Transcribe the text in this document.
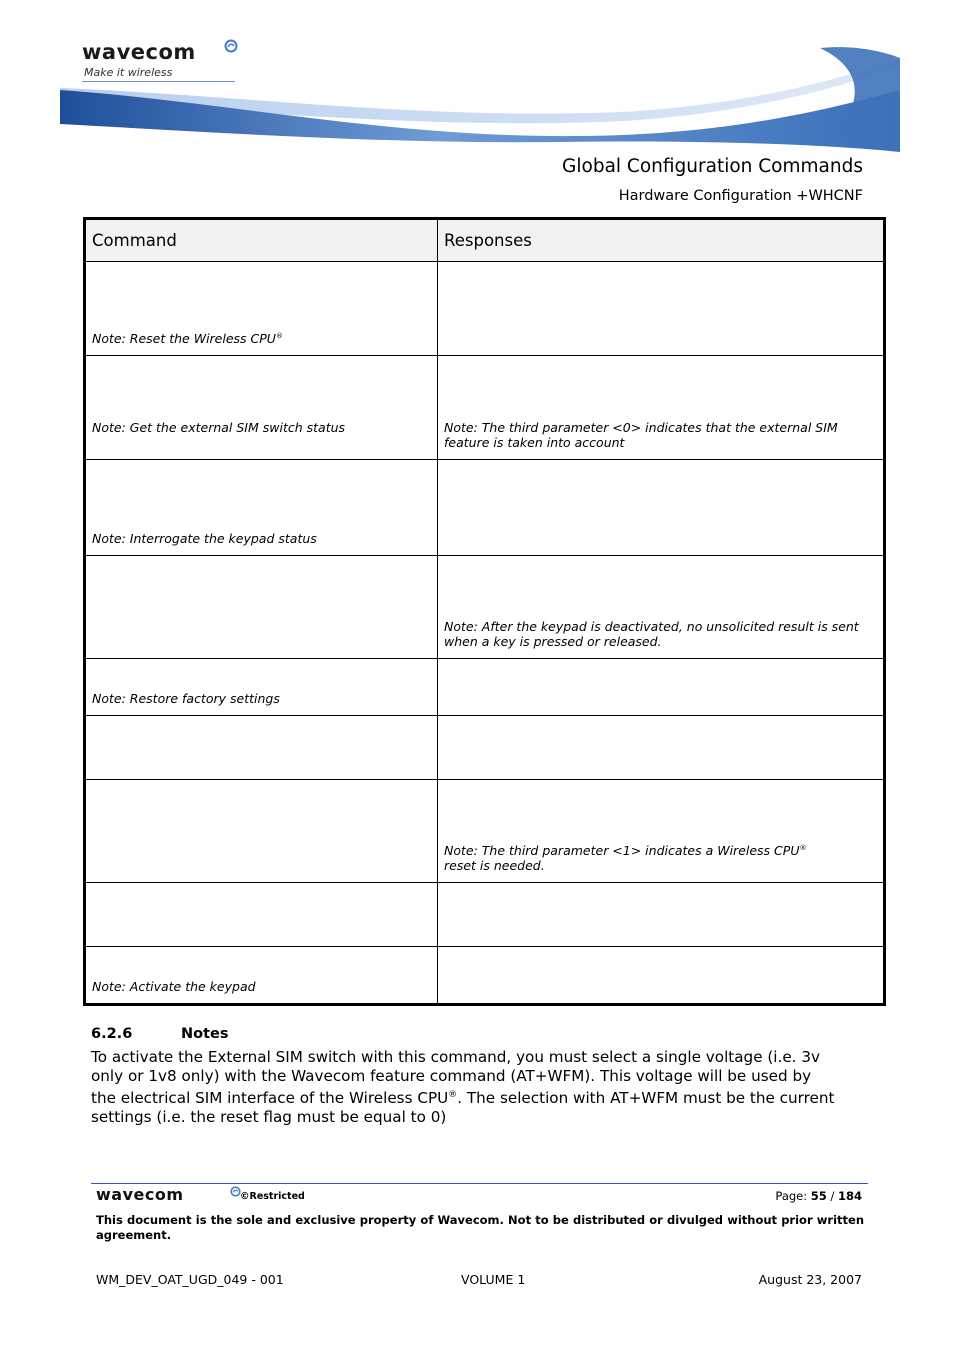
wavecom
Make it wireless
Global Configuration Commands
Hardware Configuration +WHCNF
Command	Responses
Note: Reset the Wireless CPU®	
Note: Get the external SIM switch status	Note: The third parameter <0> indicates that the external SIM feature is taken into account
Note: Interrogate the keypad status	
	Note: After the keypad is deactivated, no unsolicited result is sent when a key is pressed or released.
Note: Restore factory settings	

	Note: The third parameter <1> indicates a Wireless CPU®
reset is needed.

Note: Activate the keypad	
6.2.6	Notes
To activate the External SIM switch with this command, you must select a single voltage (i.e. 3v only or 1v8 only) with the Wavecom feature command (AT+WFM). This voltage will be used by the electrical SIM interface of the Wireless CPU®. The selection with AT+WFM must be the current settings (i.e. the reset flag must be equal to 0)
wavecom	©Restricted	Page: 55 / 184
This document is the sole and exclusive property of Wavecom. Not to be distributed or divulged without prior written agreement.
WM_DEV_OAT_UGD_049 - 001	VOLUME 1	August 23, 2007
